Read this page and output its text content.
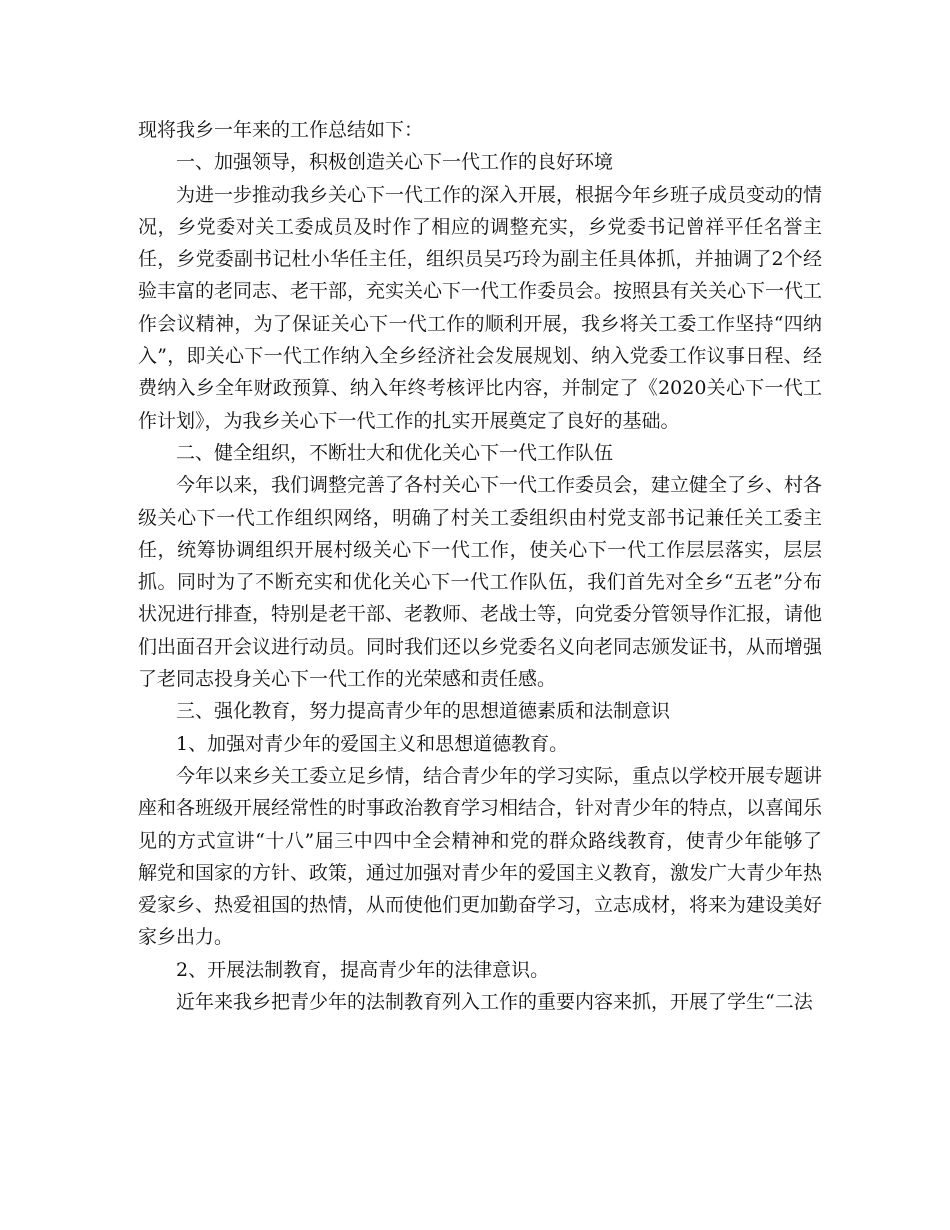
现将我乡一年来的工作总结如下：

一、加强领导，积极创造关心下一代工作的良好环境

为进一步推动我乡关心下一代工作的深入开展，根据今年乡班子成员变动的情况，乡党委对关工委成员及时作了相应的调整充实，乡党委书记曾祥平任名誉主任，乡党委副书记杜小华任主任，组织员吴巧玲为副主任具体抓，并抽调了2个经验丰富的老同志、老干部，充实关心下一代工作委员会。按照县有关关心下一代工作会议精神，为了保证关心下一代工作的顺利开展，我乡将关工委工作坚持“四纳入”，即关心下一代工作纳入全乡经济社会发展规划、纳入党委工作议事日程、经费纳入乡全年财政预算、纳入年终考核评比内容，并制定了《2020关心下一代工作计划》，为我乡关心下一代工作的扎实开展奠定了良好的基础。

二、健全组织，不断壮大和优化关心下一代工作队伍

今年以来，我们调整完善了各村关心下一代工作委员会，建立健全了乡、村各级关心下一代工作组织网络，明确了村关工委组织由村党支部书记兼任关工委主任，统筹协调组织开展村级关心下一代工作，使关心下一代工作层层落实，层层抓。同时为了不断充实和优化关心下一代工作队伍，我们首先对全乡“五老”分布状况进行排查，特别是老干部、老教师、老战士等，向党委分管领导作汇报，请他们出面召开会议进行动员。同时我们还以乡党委名义向老同志颁发证书，从而增强了老同志投身关心下一代工作的光荣感和责任感。

三、强化教育，努力提高青少年的思想道德素质和法制意识

1、加强对青少年的爱国主义和思想道德教育。

今年以来乡关工委立足乡情，结合青少年的学习实际，重点以学校开展专题讲座和各班级开展经常性的时事政治教育学习相结合，针对青少年的特点，以喜闻乐见的方式宣讲“十八”届三中四中全会精神和党的群众路线教育，使青少年能够了解党和国家的方针、政策，通过加强对青少年的爱国主义教育，激发广大青少年热爱家乡、热爱祖国的热情，从而使他们更加勤奋学习，立志成材，将来为建设美好家乡出力。

2、开展法制教育，提高青少年的法律意识。

近年来我乡把青少年的法制教育列入工作的重要内容来抓，开展了学生“二法
